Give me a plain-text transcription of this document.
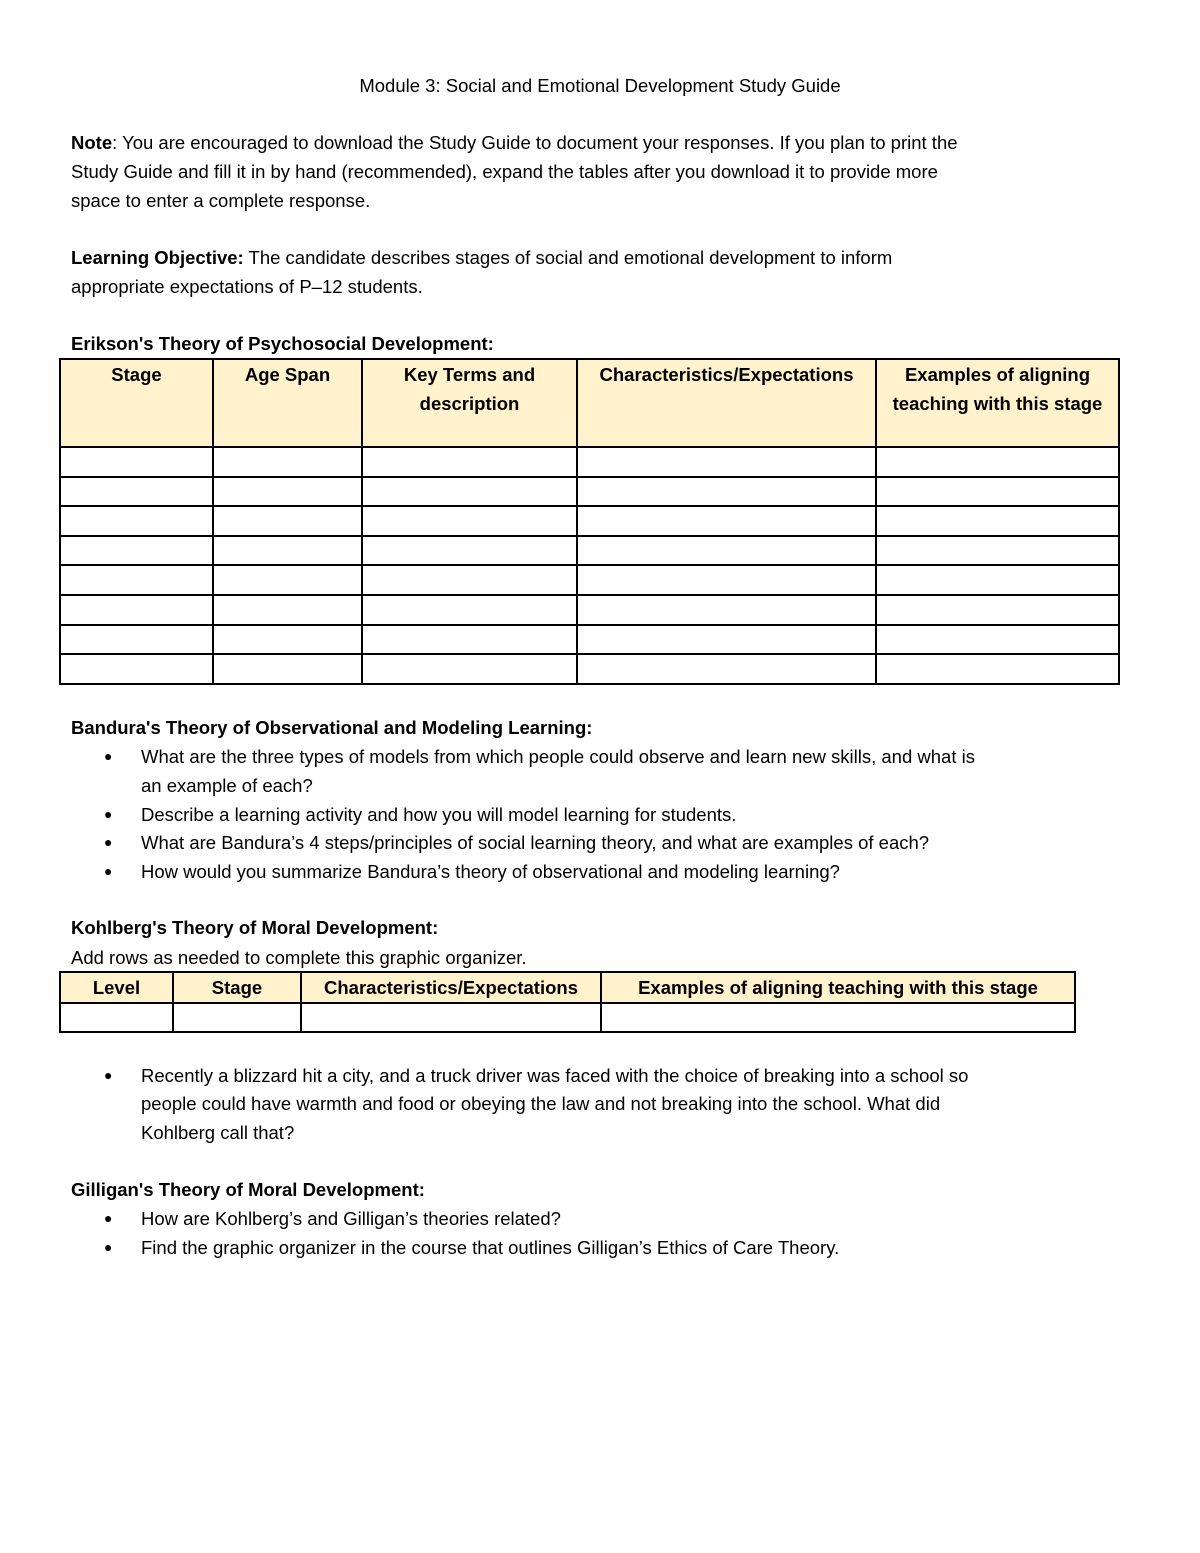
Module 3: Social and Emotional Development Study Guide
Note: You are encouraged to download the Study Guide to document your responses. If you plan to print the
Study Guide and fill it in by hand (recommended), expand the tables after you download it to provide more
space to enter a complete response.
Learning Objective: The candidate describes stages of social and emotional development to inform
appropriate expectations of P–12 students.
Erikson's Theory of Psychosocial Development:
Stage	Age Span	Key Terms and description	Characteristics/Expectations	Examples of aligning teaching with this stage

Bandura's Theory of Observational and Modeling Learning:
● What are the three types of models from which people could observe and learn new skills, and what is
an example of each?
● Describe a learning activity and how you will model learning for students.
● What are Bandura’s 4 steps/principles of social learning theory, and what are examples of each?
● How would you summarize Bandura’s theory of observational and modeling learning?
Kohlberg's Theory of Moral Development:
Add rows as needed to complete this graphic organizer.
Level	Stage	Characteristics/Expectations	Examples of aligning teaching with this stage

● Recently a blizzard hit a city, and a truck driver was faced with the choice of breaking into a school so
people could have warmth and food or obeying the law and not breaking into the school. What did
Kohlberg call that?
Gilligan's Theory of Moral Development:
● How are Kohlberg’s and Gilligan’s theories related?
● Find the graphic organizer in the course that outlines Gilligan’s Ethics of Care Theory.
